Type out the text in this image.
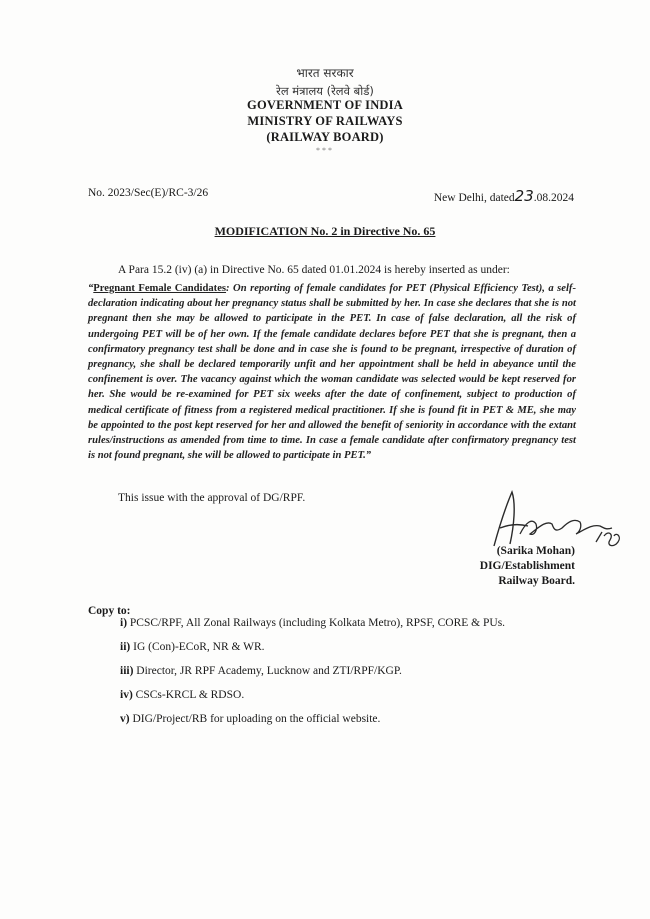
भारत सरकार
रेल मंत्रालय (रेलवे बोर्ड)
GOVERNMENT OF INDIA
MINISTRY OF RAILWAYS
(RAILWAY BOARD)
***
No. 2023/Sec(E)/RC-3/26	New Delhi, dated23.08.2024
MODIFICATION No. 2 in Directive No. 65
A Para 15.2 (iv) (a) in Directive No. 65 dated 01.01.2024 is hereby inserted as under:
“Pregnant Female Candidates: On reporting of female candidates for PET (Physical Efficiency Test), a self-declaration indicating about her pregnancy status shall be submitted by her. In case she declares that she is not pregnant then she may be allowed to participate in the PET. In case of false declaration, all the risk of undergoing PET will be of her own. If the female candidate declares before PET that she is pregnant, then a confirmatory pregnancy test shall be done and in case she is found to be pregnant, irrespective of duration of pregnancy, she shall be declared temporarily unfit and her appointment shall be held in abeyance until the confinement is over. The vacancy against which the woman candidate was selected would be kept reserved for her. She would be re-examined for PET six weeks after the date of confinement, subject to production of medical certificate of fitness from a registered medical practitioner. If she is found fit in PET & ME, she may be appointed to the post kept reserved for her and allowed the benefit of seniority in accordance with the extant rules/instructions as amended from time to time. In case a female candidate after confirmatory pregnancy test is not found pregnant, she will be allowed to participate in PET.”
This issue with the approval of DG/RPF.
(Sarika Mohan)
DIG/Establishment
Railway Board.
Copy to:
i) PCSC/RPF, All Zonal Railways (including Kolkata Metro), RPSF, CORE & PUs.
ii) IG (Con)-ECoR, NR & WR.
iii) Director, JR RPF Academy, Lucknow and ZTI/RPF/KGP.
iv) CSCs-KRCL & RDSO.
v) DIG/Project/RB for uploading on the official website.
